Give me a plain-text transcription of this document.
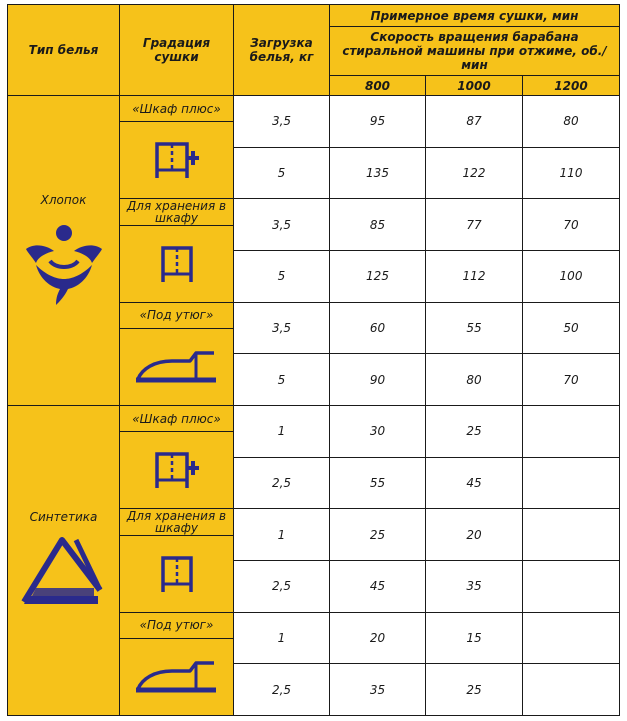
Тип белья	Градация сушки	Загрузка белья, кг	Примерное время сушки, мин		
			Скорость вращения барабана стиральной машины при отжиме, об./мин		
			800	1000	1200

Хлопок	«Шкаф плюс»	3,5	95	87	80

		5	135	122	110

	Для хранения в шкафу	3,5	85	77	70

		5	125	112	100

	«Под утюг»	3,5	60	55	50

		5	90	80	70

Синтетика	«Шкаф плюс»	1	30	25	

		2,5	55	45	

	Для хранения в шкафу	1	25	20	

		2,5	45	35	

	«Под утюг»	1	20	15	

		2,5	35	25	
